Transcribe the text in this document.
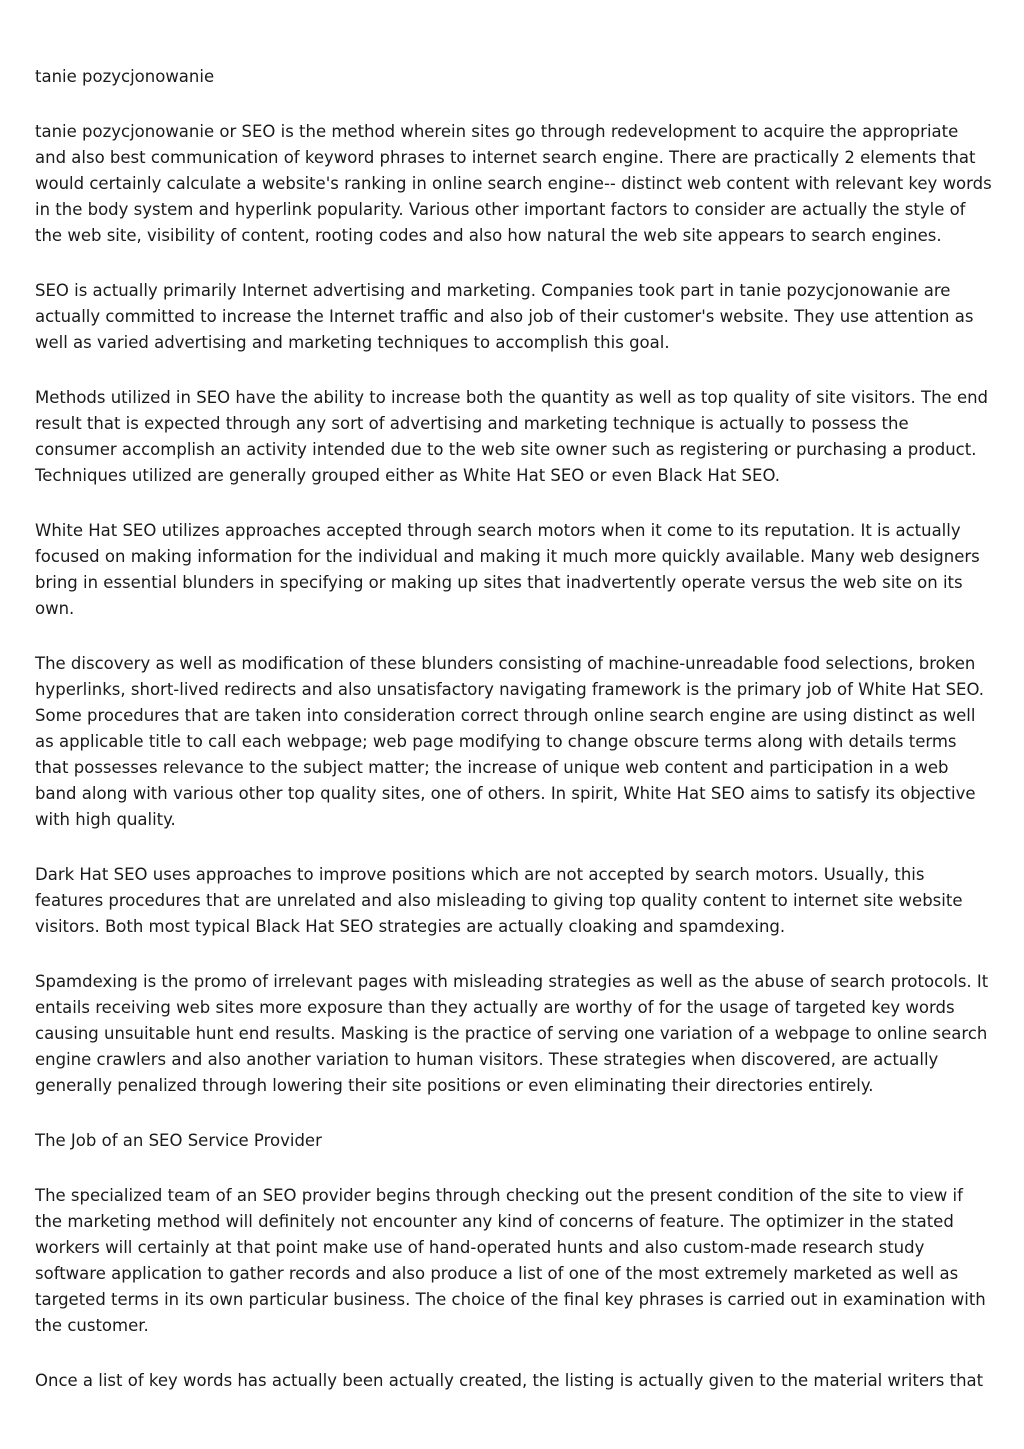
tanie pozycjonowanie

tanie pozycjonowanie or SEO is the method wherein sites go through redevelopment to acquire the appropriate and also best communication of keyword phrases to internet search engine. There are practically 2 elements that would certainly calculate a website's ranking in online search engine-- distinct web content with relevant key words in the body system and hyperlink popularity. Various other important factors to consider are actually the style of the web site, visibility of content, rooting codes and also how natural the web site appears to search engines.

SEO is actually primarily Internet advertising and marketing. Companies took part in tanie pozycjonowanie are actually committed to increase the Internet traffic and also job of their customer's website. They use attention as well as varied advertising and marketing techniques to accomplish this goal.

Methods utilized in SEO have the ability to increase both the quantity as well as top quality of site visitors. The end result that is expected through any sort of advertising and marketing technique is actually to possess the consumer accomplish an activity intended due to the web site owner such as registering or purchasing a product. Techniques utilized are generally grouped either as White Hat SEO or even Black Hat SEO.

White Hat SEO utilizes approaches accepted through search motors when it come to its reputation. It is actually focused on making information for the individual and making it much more quickly available. Many web designers bring in essential blunders in specifying or making up sites that inadvertently operate versus the web site on its own.

The discovery as well as modification of these blunders consisting of machine-unreadable food selections, broken hyperlinks, short-lived redirects and also unsatisfactory navigating framework is the primary job of White Hat SEO. Some procedures that are taken into consideration correct through online search engine are using distinct as well as applicable title to call each webpage; web page modifying to change obscure terms along with details terms that possesses relevance to the subject matter; the increase of unique web content and participation in a web band along with various other top quality sites, one of others. In spirit, White Hat SEO aims to satisfy its objective with high quality.

Dark Hat SEO uses approaches to improve positions which are not accepted by search motors. Usually, this features procedures that are unrelated and also misleading to giving top quality content to internet site website visitors. Both most typical Black Hat SEO strategies are actually cloaking and spamdexing.

Spamdexing is the promo of irrelevant pages with misleading strategies as well as the abuse of search protocols. It entails receiving web sites more exposure than they actually are worthy of for the usage of targeted key words causing unsuitable hunt end results. Masking is the practice of serving one variation of a webpage to online search engine crawlers and also another variation to human visitors. These strategies when discovered, are actually generally penalized through lowering their site positions or even eliminating their directories entirely.

The Job of an SEO Service Provider

The specialized team of an SEO provider begins through checking out the present condition of the site to view if the marketing method will definitely not encounter any kind of concerns of feature. The optimizer in the stated workers will certainly at that point make use of hand-operated hunts and also custom-made research study software application to gather records and also produce a list of one of the most extremely marketed as well as targeted terms in its own particular business. The choice of the final key phrases is carried out in examination with the customer.

Once a list of key words has actually been actually created, the listing is actually given to the material writers that
